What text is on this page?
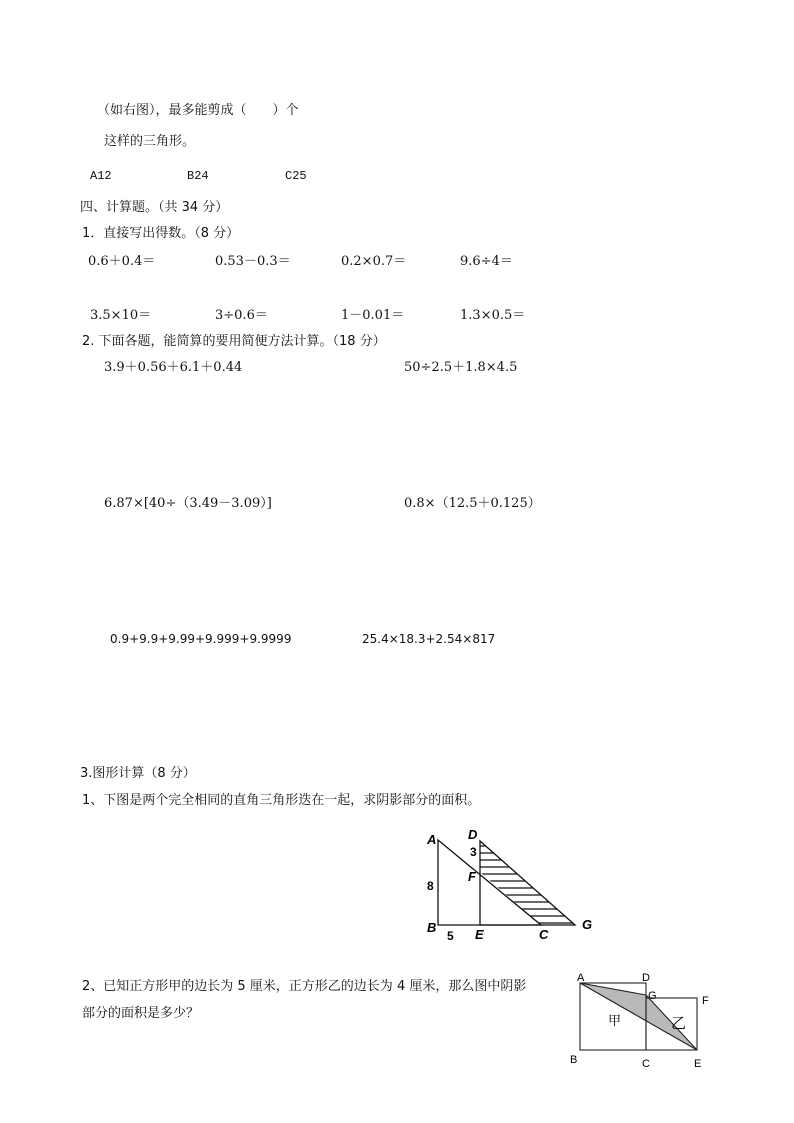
（如右图），最多能剪成（　　）个
这样的三角形。
A12	B24	C25
四、计算题。（共 34 分）
1．直接写出得数。（8 分）
0.6＋0.4＝	0.53－0.3＝	0.2×0.7＝	9.6÷4＝
3.5×10＝	3÷0.6＝	1－0.01＝	1.3×0.5＝
2. 下面各题，能简算的要用简便方法计算。（18 分）
3.9＋0.56＋6.1＋0.44	50÷2.5＋1.8×4.5
6.87×[40÷（3.49－3.09）]	0.8×（12.5＋0.125）
0.9+9.9+9.99+9.999+9.9999	25.4×18.3+2.54×817
3.图形计算（8 分）
1、下图是两个完全相同的直角三角形迭在一起，求阴影部分的面积。
A
B
D
F
E	C
G
3
8
5
2、已知正方形甲的边长为 5 厘米，正方形乙的边长为 4 厘米，那么图中阴影
部分的面积是多少？
A	D
G	F
B	C	E
甲	乙
